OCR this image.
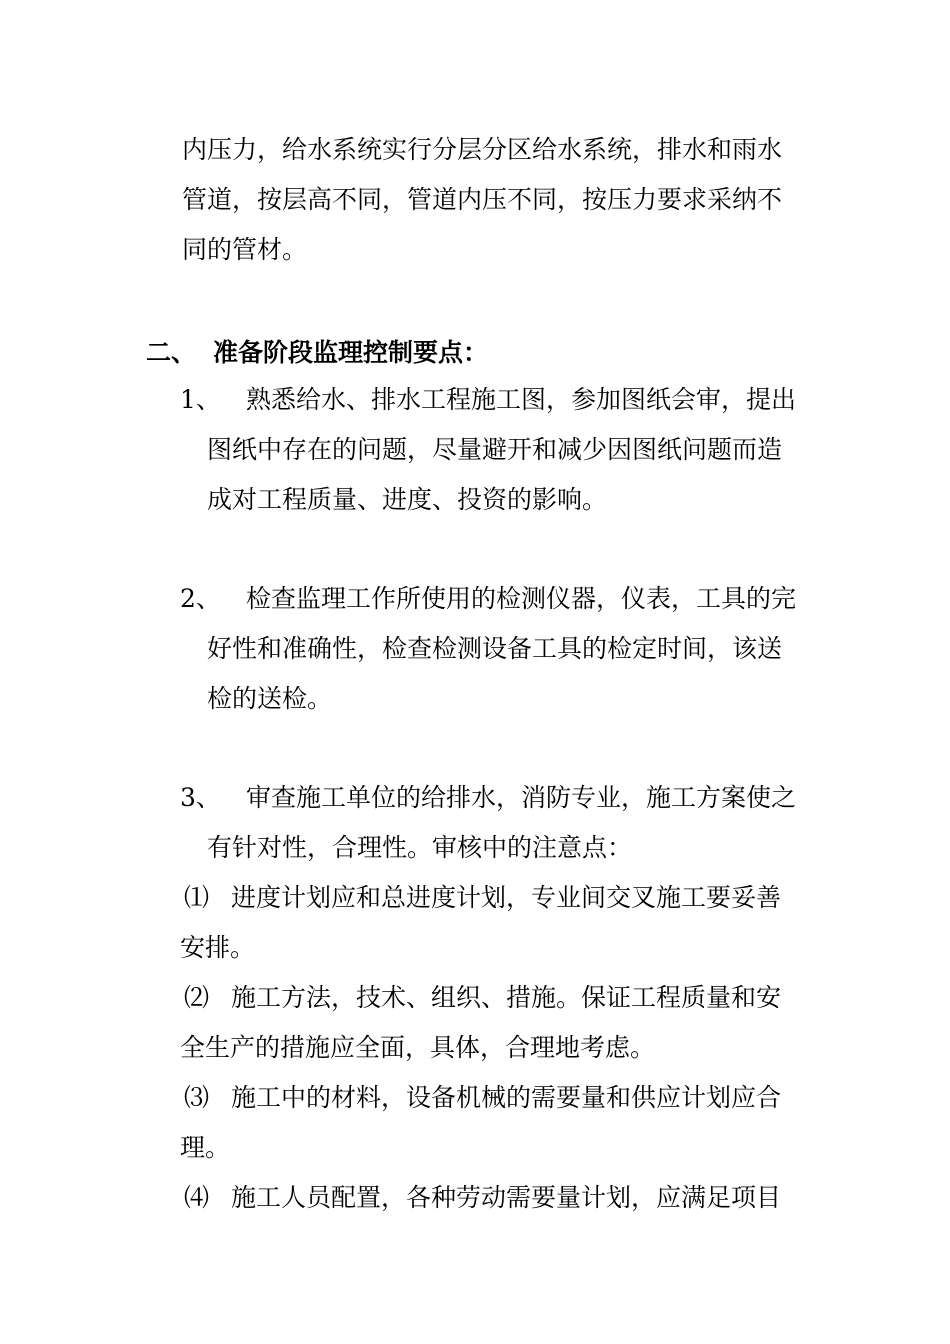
内压力，给水系统实行分层分区给水系统，排水和雨水
管道，按层高不同，管道内压不同，按压力要求采纳不
同的管材。
二、 准备阶段监理控制要点：
1、 熟悉给水、排水工程施工图，参加图纸会审，提出
图纸中存在的问题，尽量避开和减少因图纸问题而造
成对工程质量、进度、投资的影响。
2、 检查监理工作所使用的检测仪器，仪表，工具的完
好性和准确性，检查检测设备工具的检定时间，该送
检的送检。
3、 审查施工单位的给排水，消防专业，施工方案使之
有针对性，合理性。审核中的注意点：
⑴ 进度计划应和总进度计划，专业间交叉施工要妥善
安排。
⑵ 施工方法，技术、组织、措施。保证工程质量和安
全生产的措施应全面，具体，合理地考虑。
⑶ 施工中的材料，设备机械的需要量和供应计划应合
理。
⑷ 施工人员配置，各种劳动需要量计划，应满足项目
